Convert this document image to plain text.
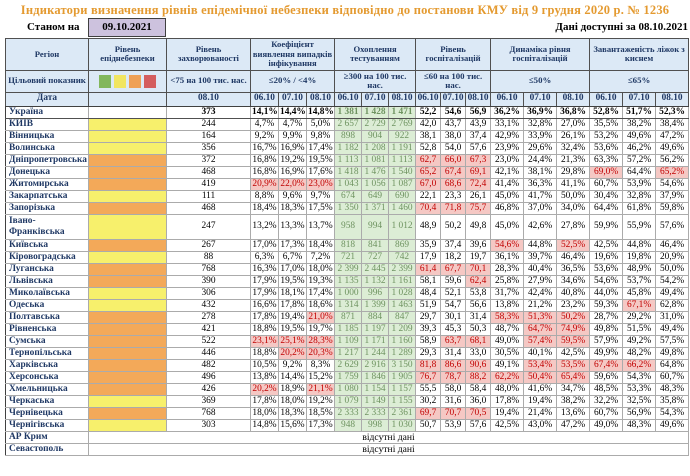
Індикатори визначення рівнів епідемічної небезпеки відповідно до постанови КМУ від 9 грудня 2020 р. № 1236
Станом на	09.10.2021	Дані доступні за 08.10.2021
Регіон	Рівень епіднебезпеки	Рівень захворюваності	Коефіцієнт виявлення випадків інфікування			Охоплення тестуванням			Рівень госпіталізацій			Динаміка рівня госпіталізацій			Завантаженість ліжок з киснем		
Цільовий показник		<75 на 100 тис. нас.	≤20% / <4%			≥300 на 100 тис. нас.			≤60 на 100 тис. нас.			≤50%			≤65%		
Дата		08.10	06.10	07.10	08.10	06.10	07.10	08.10	06.10	07.10	08.10	06.10	07.10	08.10	06.10	07.10	08.10
Україна		373	14,1%	14,4%	14,8%	1 381	1 428	1 471	52,2	54,6	56,9	36,2%	36,9%	36,8%	52,8%	51,7%	52,3%
КИЇВ		244	4,7%	4,7%	5,0%	2 657	2 729	2 769	42,0	43,7	43,9	33,1%	32,8%	27,0%	35,5%	38,2%	38,4%
Вінницька		164	9,2%	9,9%	9,8%	898	904	922	38,1	38,0	37,4	42,9%	33,9%	26,1%	53,2%	49,6%	47,2%
Волинська		356	16,7%	16,9%	17,4%	1 182	1 208	1 191	52,8	54,0	57,6	23,9%	29,6%	32,4%	53,6%	46,2%	49,6%
Дніпропетровська		372	16,8%	19,2%	19,5%	1 113	1 081	1 113	62,7	66,0	67,3	23,0%	24,4%	21,3%	63,3%	57,2%	56,2%
Донецька		468	16,8%	16,9%	17,6%	1 418	1 476	1 540	65,2	67,4	69,1	42,1%	38,1%	29,8%	69,0%	64,4%	65,2%
Житомирська		419	20,9%	22,0%	23,0%	1 043	1 056	1 087	67,0	68,6	72,4	41,4%	36,3%	41,1%	60,7%	53,9%	54,6%
Закарпатська		111	8,8%	9,6%	9,7%	674	649	690	22,1	23,3	26,1	45,0%	41,7%	50,0%	30,4%	32,8%	37,9%
Запорізька		468	18,4%	18,3%	17,5%	1 350	1 371	1 460	70,4	71,8	75,7	46,8%	37,0%	34,0%	64,4%	61,8%	59,8%
Івано-Франківська		247	13,2%	13,3%	13,7%	958	994	1 012	48,9	50,2	49,8	45,0%	42,6%	27,8%	59,9%	55,9%	57,6%
Київська		267	17,0%	17,3%	18,4%	818	841	869	35,9	37,4	39,6	54,6%	44,8%	52,5%	42,5%	44,8%	46,4%
Кіровоградська		88	6,3%	6,7%	7,2%	721	727	742	17,9	18,2	19,7	36,1%	39,7%	46,4%	19,6%	19,8%	20,9%
Луганська		768	16,3%	17,0%	18,0%	2 399	2 445	2 399	61,4	67,7	70,1	28,3%	40,4%	36,5%	53,6%	48,9%	50,0%
Львівська		390	17,9%	19,5%	19,3%	1 135	1 132	1 161	58,1	59,6	62,4	25,8%	27,9%	34,6%	54,6%	53,7%	54,2%
Миколаївська		306	17,9%	18,1%	17,4%	1 000	996	1 028	48,4	52,1	53,8	31,7%	42,4%	40,8%	44,0%	45,8%	49,4%
Одеська		432	16,6%	17,8%	18,6%	1 314	1 399	1 463	51,9	54,7	56,6	13,8%	21,2%	23,2%	59,3%	67,1%	62,8%
Полтавська		278	17,8%	19,4%	21,0%	871	884	847	29,7	30,1	31,4	58,3%	51,3%	50,2%	28,7%	29,2%	31,0%
Рівненська		421	18,8%	19,5%	19,7%	1 185	1 197	1 209	39,3	45,3	50,3	48,7%	64,7%	74,9%	49,8%	51,5%	49,4%
Сумська		522	23,1%	25,1%	28,3%	1 109	1 171	1 160	58,9	63,7	68,1	49,0%	57,4%	59,5%	57,9%	49,2%	57,5%
Тернопільська		446	18,8%	20,2%	20,3%	1 217	1 244	1 289	29,3	31,4	33,0	30,5%	40,1%	42,5%	49,9%	48,2%	49,8%
Харківська		482	10,5%	9,2%	8,3%	2 629	2 916	3 150	81,8	86,6	90,6	49,1%	53,4%	53,5%	67,4%	66,2%	64,8%
Херсонська		496	13,8%	14,4%	15,2%	1 759	1 846	1 905	76,7	78,7	88,2	62,2%	50,4%	65,4%	59,6%	54,3%	60,7%
Хмельницька		426	20,2%	18,9%	21,1%	1 080	1 154	1 157	55,5	58,0	58,4	48,0%	41,6%	34,7%	48,5%	53,3%	48,3%
Черкаська		369	17,8%	18,0%	19,2%	1 079	1 149	1 155	30,2	31,6	36,0	17,8%	19,4%	38,2%	32,2%	32,5%	35,8%
Чернівецька		768	18,0%	18,3%	18,5%	2 333	2 333	2 361	69,7	70,7	70,5	19,4%	21,4%	13,6%	60,7%	56,9%	54,3%
Чернігівська		303	14,8%	15,6%	17,3%	948	998	1 030	50,7	53,9	57,6	42,5%	43,0%	47,2%	49,0%	48,3%	49,6%
АР Крим	відсутні дані																
Севастополь	відсутні дані																
